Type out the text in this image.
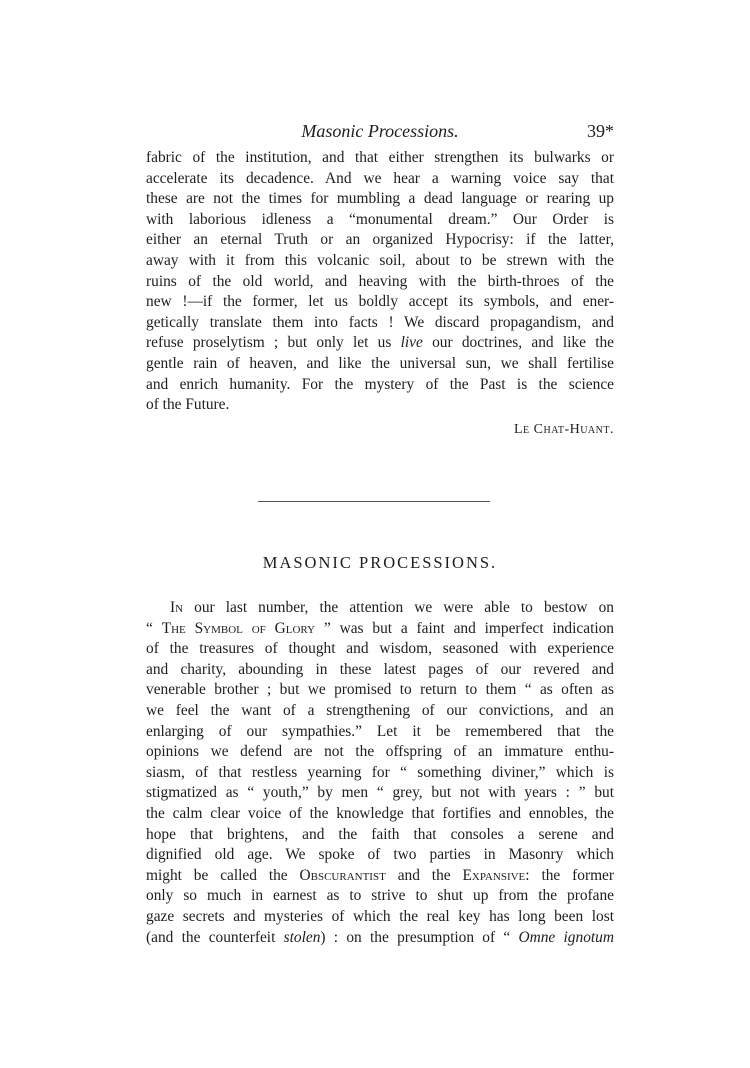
Masonic Processions.	39*
fabric of the institution, and that either strengthen its bulwarks or
accelerate its decadence. And we hear a warning voice say that
these are not the times for mumbling a dead language or rearing up
with laborious idleness a “monumental dream.” Our Order is
either an eternal Truth or an organized Hypocrisy: if the latter,
away with it from this volcanic soil, about to be strewn with the
ruins of the old world, and heaving with the birth-throes of the
new !—if the former, let us boldly accept its symbols, and ener-
getically translate them into facts ! We discard propagandism, and
refuse proselytism ; but only let us live our doctrines, and like the
gentle rain of heaven, and like the universal sun, we shall fertilise
and enrich humanity. For the mystery of the Past is the science
of the Future.
Le Chat-Huant.
MASONIC PROCESSIONS.
In our last number, the attention we were able to bestow on
“ The Symbol of Glory ” was but a faint and imperfect indication
of the treasures of thought and wisdom, seasoned with experience
and charity, abounding in these latest pages of our revered and
venerable brother ; but we promised to return to them “ as often as
we feel the want of a strengthening of our convictions, and an
enlarging of our sympathies.” Let it be remembered that the
opinions we defend are not the offspring of an immature enthu-
siasm, of that restless yearning for “ something diviner,” which is
stigmatized as “ youth,” by men “ grey, but not with years : ” but
the calm clear voice of the knowledge that fortifies and ennobles, the
hope that brightens, and the faith that consoles a serene and
dignified old age. We spoke of two parties in Masonry which
might be called the Obscurantist and the Expansive: the former
only so much in earnest as to strive to shut up from the profane
gaze secrets and mysteries of which the real key has long been lost
(and the counterfeit stolen) : on the presumption of “ Omne ignotum
